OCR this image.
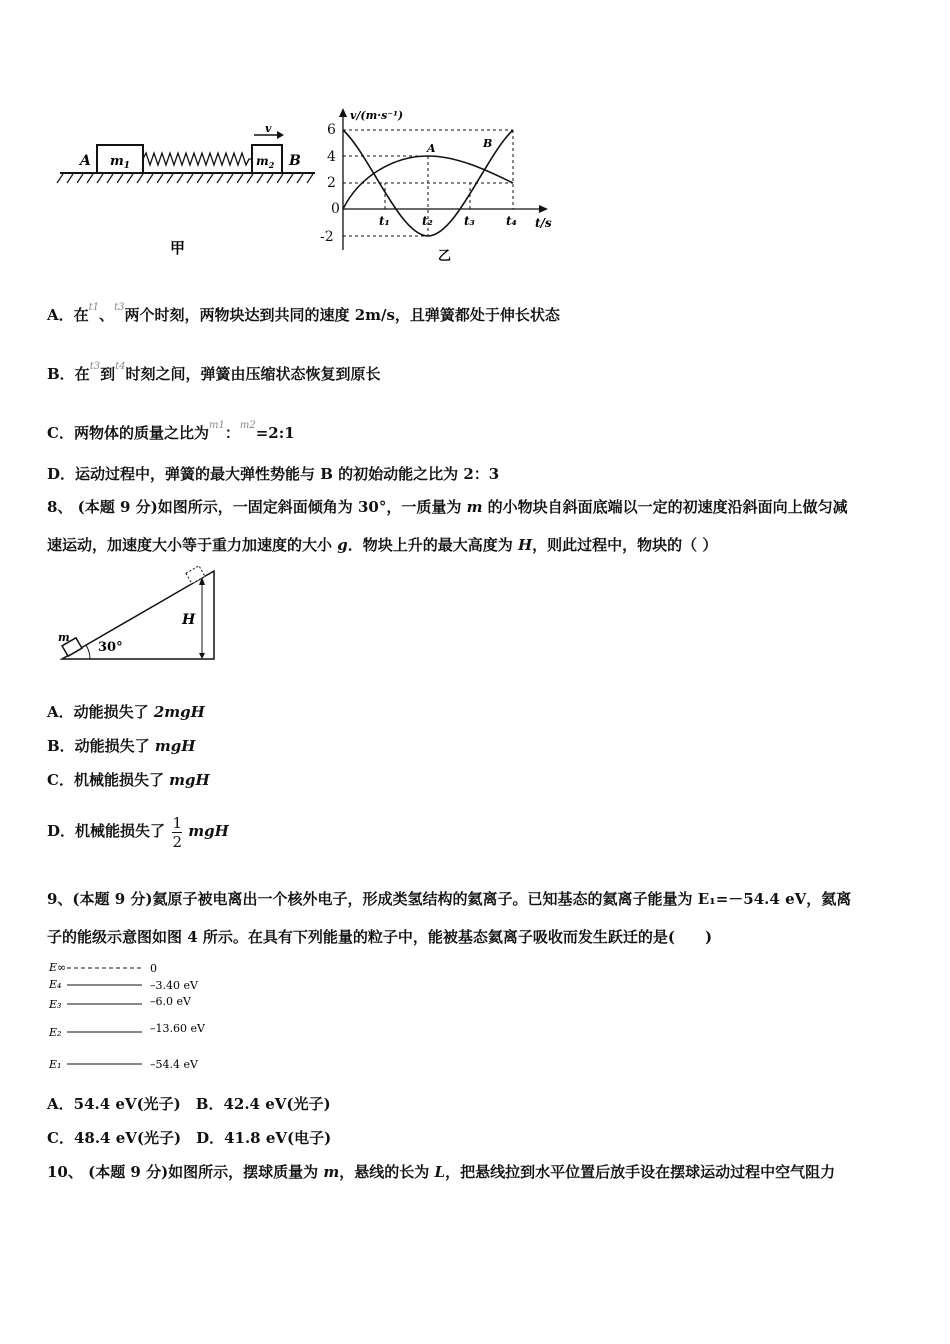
A $m_1$	$m_2$ B
v
甲
v/(m·s⁻¹)
t/s
6
4
2
0
-2
A	B
t₁	t₂	t₃	t₄
乙
A．在$^{t1}$、$^{t3}$两个时刻，两物块达到共同的速度 2m/s，且弹簧都处于伸长状态
B．在$^{t3}$到$^{t4}$时刻之间，弹簧由压缩状态恢复到原长
C．两物体的质量之比为$^{m1}$：$^{m2}$=2:1
D．运动过程中，弹簧的最大弹性势能与 B 的初始动能之比为 2：3
8、 (本题 9 分)如图所示，一固定斜面倾角为 30°，一质量为 m 的小物块自斜面底端以一定的初速度沿斜面向上做匀减
速运动，加速度大小等于重力加速度的大小 g．物块上升的最大高度为 H，则此过程中，物块的（ ）
m
30°
H
A．动能损失了 2mgH
B．动能损失了 mgH
C．机械能损失了 mgH
D．机械能损失了 $\frac{1}{2}$ mgH
9、(本题 9 分)氦原子被电离出一个核外电子，形成类氢结构的氦离子。已知基态的氦离子能量为 E₁=－54.4 eV，氦离
子的能级示意图如图 4 所示。在具有下列能量的粒子中，能被基态氦离子吸收而发生跃迁的是(　　)
E∞
E₄
E₃
E₂
E₁
0
–3.40 eV
–6.0 eV
–13.60 eV
–54.4 eV
A．54.4 eV(光子)　B．42.4 eV(光子)
C．48.4 eV(光子)　D．41.8 eV(电子)
10、 (本题 9 分)如图所示，摆球质量为 m，悬线的长为 L，把悬线拉到水平位置后放手设在摆球运动过程中空气阻力
